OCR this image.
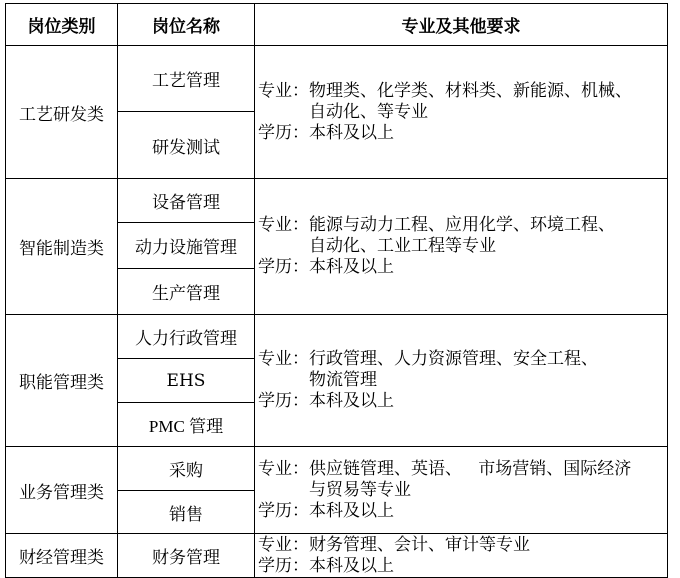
岗位类别	岗位名称	专业及其他要求
工艺研发类	工艺管理	专业： 物理类、化学类、材料类、新能源、机械、
自动化、等专业
学历： 本科及以上

	研发测试	
智能制造类	设备管理	专业： 能源与动力工程、应用化学、环境工程、
自动化、工业工程等专业
学历： 本科及以上

	动力设施管理	
	生产管理	
职能管理类	人力行政管理	专业： 行政管理、人力资源管理、安全工程、
物流管理
学历： 本科及以上

	EHS	
	PMC 管理	
业务管理类	采购	专业： 供应链管理、英语、   市场营销、国际经济
与贸易等专业
学历： 本科及以上

	销售	
财经管理类	财务管理	专业： 财务管理、会计、审计等专业
学历： 本科及以上
